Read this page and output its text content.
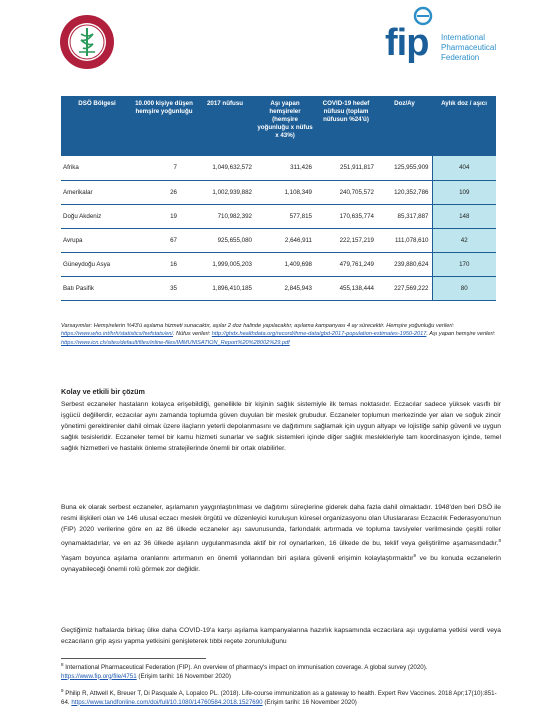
fip International
Pharmaceutical
Federation
DSÖ Bölgesi	10.000 kişiye düşen hemşire yoğunluğu	2017 nüfusu	Aşı yapan hemşireler (hemşire yoğunluğu x nüfus x 43%)	COVID-19 hedef nüfusu (toplam nüfusun %24'ü)	Doz/Ay	Aylık doz / aşıcı
Afrika	7	1,049,632,572	311,426	251,911,817	125,955,909	404
Amerikalar	26	1,002,939,882	1,108,349	240,705,572	120,352,786	109
Doğu Akdeniz	19	710,982,392	577,815	170,635,774	85,317,887	148
Avrupa	67	925,655,080	2,646,911	222,157,219	111,078,610	42
Güneydoğu Asya	16	1,999,005,203	1,409,698	479,761,249	239,880,624	170
Batı Pasifik	35	1,896,410,185	2,845,943	455,138,444	227,569,222	80
Varsayımlar: Hemşirelerin %43'ü aşılama hizmeti sunacaktır, aşılar 2 doz halinde yapılacaktır, aşılama kampanyası 4 ay sürecektir. Hemşire yoğunluğu verileri: https://www.who.int/hrh/statistics/hwfstats/en/. Nüfus verileri: http://ghdx.healthdata.org/record/ihme-data/gbd-2017-population-estimates-1950-2017. Aşı yapan hemşire verileri: https://www.icn.ch/sites/default/files/inline-files/IMMUNISATION_Report%20%28002%29.pdf
Kolay ve etkili bir çözüm
Serbest eczaneler hastaların kolayca erişebildiği, genellikle bir kişinin sağlık sistemiyle ilk temas noktasıdır. Eczacılar sadece yüksek vasıflı bir işgücü değillerdir, eczacılar aynı zamanda toplumda güven duyulan bir meslek grubudur. Eczaneler toplumun merkezinde yer alan ve soğuk zincir yönetimi gerektirenler dahil olmak üzere ilaçların yeterli depolanmasını ve dağıtımını sağlamak için uygun altyapı ve lojistiğe sahip güvenli ve uygun sağlık tesisleridir. Eczaneler temel bir kamu hizmeti sunarlar ve sağlık sistemleri içinde diğer sağlık meslekleriyle tam koordinasyon içinde, temel sağlık hizmetleri ve hastalık önleme stratejilerinde önemli bir ortak olabilirler.
Buna ek olarak serbest eczaneler, aşılamanın yaygınlaştırılması ve dağıtımı süreçlerine giderek daha fazla dahil olmaktadır. 1948'den beri DSÖ ile resmi ilişkileri olan ve 146 ulusal eczacı meslek örgütü ve düzenleyici kuruluşun küresel organizasyonu olan Uluslararası Eczacılık Federasyonu'nun (FIP) 2020 verilerine göre en az 86 ülkede eczaneler aşı savunusunda, farkındalık artırmada ve topluma tavsiyeler verilmesinde çeşitli roller oynamaktadırlar, ve en az 36 ülkede aşıların uygulanmasında aktif bir rol oynarlarken, 16 ülkede de bu, teklif veya geliştirilme aşamasındadır.$^8$ Yaşam boyunca aşılama oranlarını artırmanın en önemli yollarından biri aşılara güvenli erişimin kolaylaştırmaktır$^9$ ve bu konuda eczanelerin oynayabileceği önemli rolü görmek zor değildir.
Geçtiğimiz haftalarda birkaç ülke daha COVID-19'a karşı aşılama kampanyalarına hazırlık kapsamında eczacılara aşı uygulama yetkisi verdi veya eczacıların grip aşısı yapma yetkisini genişleterek tıbbi reçete zorunluluğunu
$^8$ International Pharmaceutical Federation (FIP). An overview of pharmacy's impact on immunisation coverage. A global survey (2020). https://www.fip.org/file/4751 (Erişim tarihi: 16 November 2020)
$^9$ Philip R, Attwell K, Breuer T, Di Pasquale A, Lopalco PL. (2018). Life-course immunization as a gateway to health. Expert Rev Vaccines. 2018 Apr;17(10):851-64. https://www.tandfonline.com/doi/full/10.1080/14760584.2018.1527690 (Erişim tarihi: 16 November 2020)
